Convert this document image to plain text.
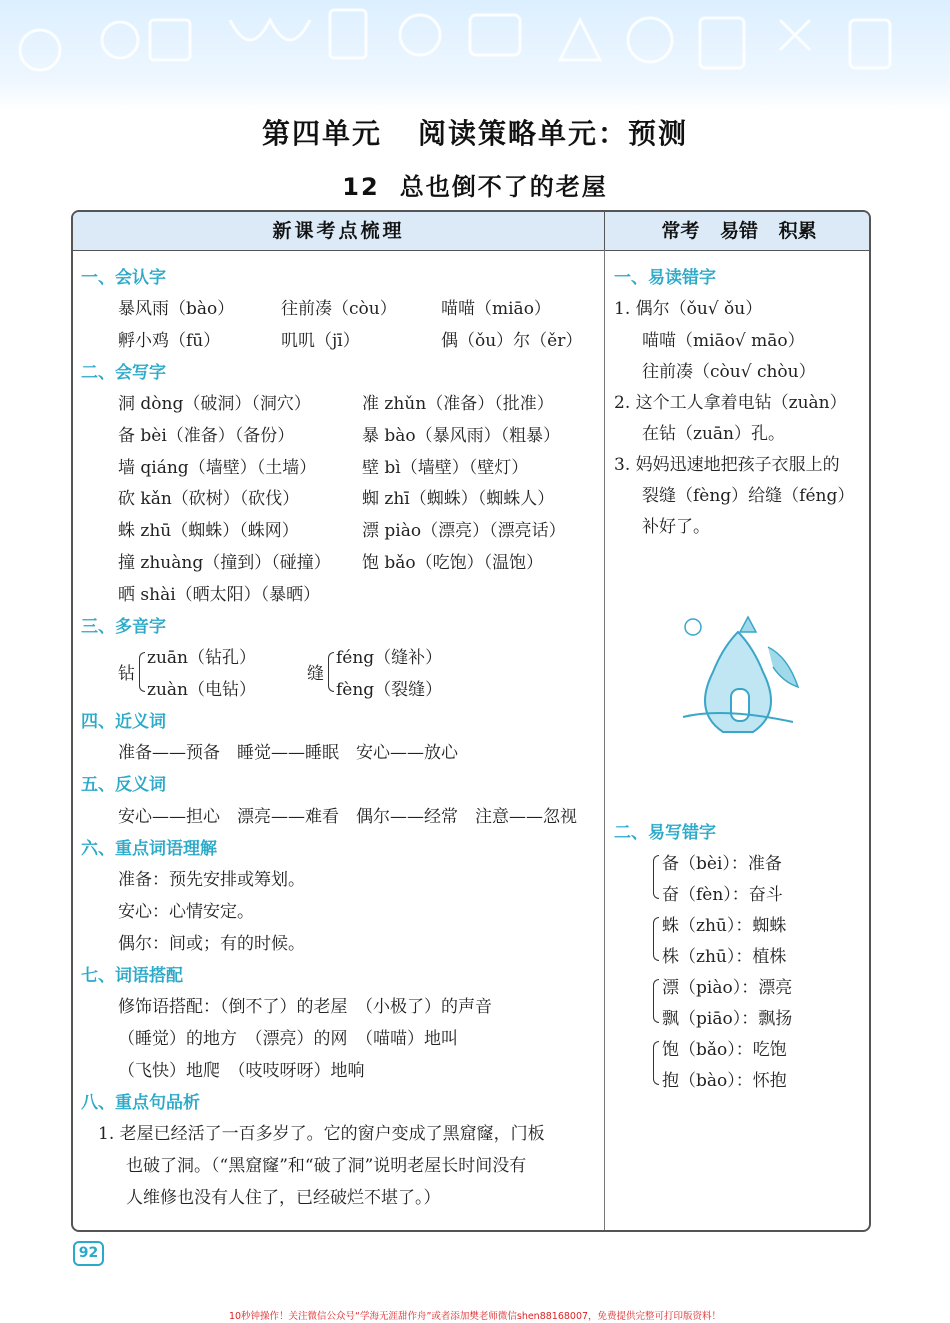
第四单元 阅读策略单元：预测
12 总也倒不了的老屋
新课考点梳理	常考 易错 积累
一、会认字
暴风雨（bào）	往前凑（còu）	喵喵（miāo）
孵小鸡（fū）	叽叽（jī）	偶（ǒu）尔（ěr）
二、会写字
洞 dòng（破洞）（洞穴）	准 zhǔn（准备）（批准）
备 bèi（准备）（备份）	暴 bào（暴风雨）（粗暴）
墙 qiáng（墙壁）（土墙）	壁 bì（墙壁）（壁灯）
砍 kǎn（砍树）（砍伐）	蜘 zhī（蜘蛛）（蜘蛛人）
蛛 zhū（蜘蛛）（蛛网）	漂 piào（漂亮）（漂亮话）
撞 zhuàng（撞到）（碰撞） 饱 bǎo（吃饱）（温饱）
晒 shài（晒太阳）（暴晒）
三、多音字
钻
zuān（钻孔）
zuàn（电钻）
缝
féng（缝补）
fèng（裂缝）
四、近义词
准备——预备　睡觉——睡眠　安心——放心
五、反义词
安心——担心　漂亮——难看　偶尔——经常　注意——忽视
六、重点词语理解
准备：预先安排或筹划。
安心：心情安定。
偶尔：间或；有的时候。
七、词语搭配
修饰语搭配：（倒不了）的老屋　（小极了）的声音
（睡觉）的地方　（漂亮）的网　（喵喵）地叫
（飞快）地爬　（吱吱呀呀）地响
八、重点句品析
1. 老屋已经活了一百多岁了。它的窗户变成了黑窟窿，门板
也破了洞。（“黑窟窿”和“破了洞”说明老屋长时间没有
人维修也没有人住了，已经破烂不堪了。）
一、易读错字
1. 偶尔（ǒu√ ǒu）
喵喵（miāo√ māo）
往前凑（còu√ chòu）
2. 这个工人拿着电钻（zuàn）
在钻（zuān）孔。
3. 妈妈迅速地把孩子衣服上的
裂缝（fèng）给缝（féng）
补好了。
二、易写错字
备（bèi）：准备
奋（fèn）：奋斗
蛛（zhū）：蜘蛛
株（zhū）：植株
漂（piào）：漂亮
飘（piāo）：飘扬
饱（bǎo）：吃饱
抱（bào）：怀抱
92
10秒钟操作！关注微信公众号“学海无涯甜作舟”或者添加樊老师微信shen88168007，免费提供完整可打印版资料！
